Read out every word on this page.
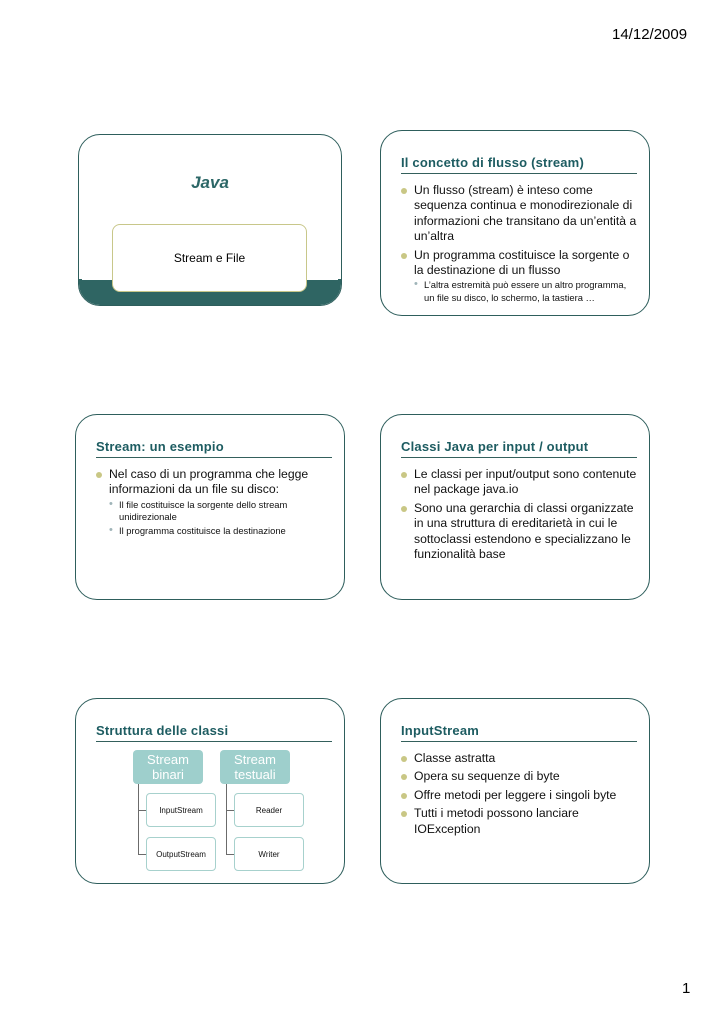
14/12/2009
Java
Stream e File
Il concetto di flusso (stream)
Un flusso (stream) è inteso come sequenza continua e monodirezionale di informazioni che transitano da un’entità a un’altra
Un programma costituisce la sorgente o la destinazione di un flusso
• L’altra estremità può essere un altro programma, un file su disco, lo schermo, la tastiera …
Stream: un esempio
Nel caso di un programma che legge informazioni da un file su disco:
• Il file costituisce la sorgente dello stream unidirezionale
• Il programma costituisce la destinazione
Classi Java per input / output
Le classi per input/output sono contenute nel package java.io
Sono una gerarchia di classi organizzate in una struttura di ereditarietà in cui le sottoclassi estendono e specializzano le funzionalità base
Struttura delle classi
Stream binari
Stream testuali
InputStream
OutputStream
Reader
Writer
InputStream
Classe astratta
Opera su sequenze di byte
Offre metodi per leggere i singoli byte
Tutti i metodi possono lanciare IOException
1
